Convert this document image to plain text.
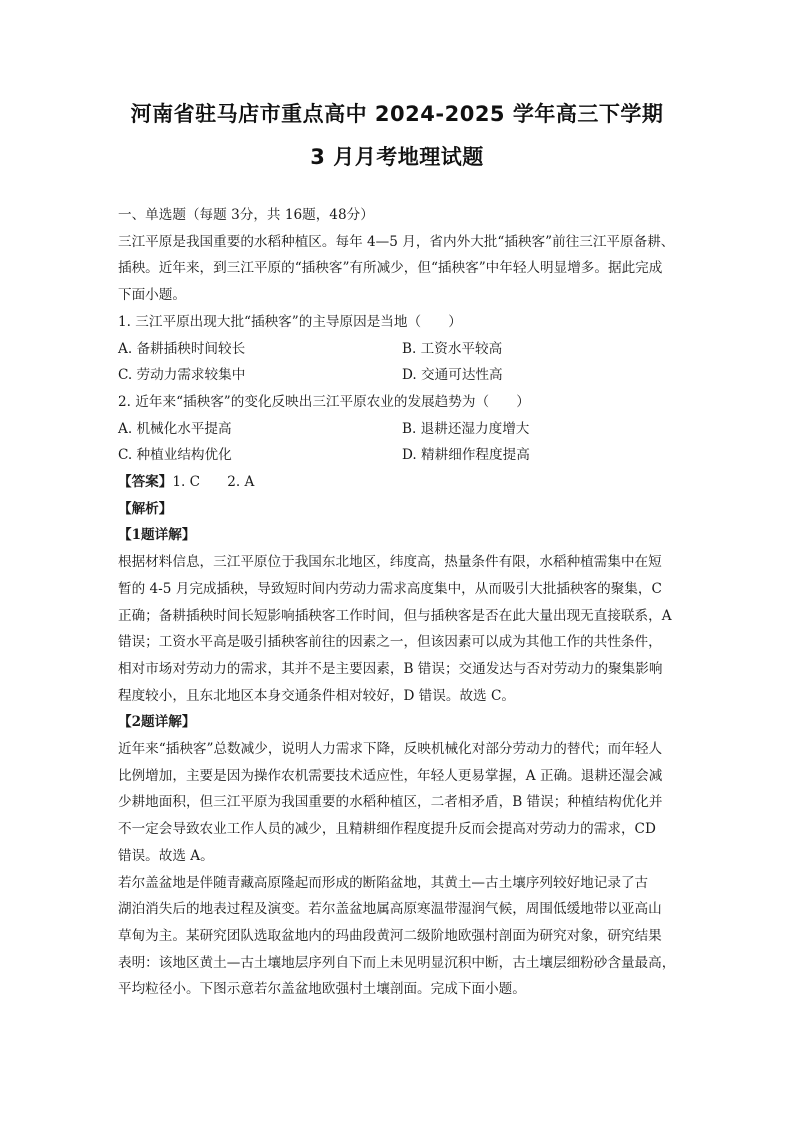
河南省驻马店市重点高中 2024-2025 学年高三下学期
3 月月考地理试题

一、单选题（每题 3分，共 16题，48分）

三江平原是我国重要的水稻种植区。每年 4—5 月，省内外大批“插秧客”前往三江平原备耕、

插秧。近年来，到三江平原的“插秧客”有所减少，但“插秧客”中年轻人明显增多。据此完成

下面小题。

1. 三江平原出现大批“插秧客”的主导原因是当地（　　）

A. 备耕插秧时间较长	B. 工资水平较高
C. 劳动力需求较集中	D. 交通可达性高

2. 近年来“插秧客”的变化反映出三江平原农业的发展趋势为（　　）

A. 机械化水平提高	B. 退耕还湿力度增大
C. 种植业结构优化	D. 精耕细作程度提高

【答案】1. C　　2. A

【解析】

【1题详解】

根据材料信息，三江平原位于我国东北地区，纬度高，热量条件有限，水稻种植需集中在短

暂的 4-5 月完成插秧，导致短时间内劳动力需求高度集中，从而吸引大批插秧客的聚集，C

正确；备耕插秧时间长短影响插秧客工作时间，但与插秧客是否在此大量出现无直接联系，A

错误；工资水平高是吸引插秧客前往的因素之一，但该因素可以成为其他工作的共性条件，

相对市场对劳动力的需求，其并不是主要因素，B 错误；交通发达与否对劳动力的聚集影响

程度较小，且东北地区本身交通条件相对较好，D 错误。故选 C。

【2题详解】

近年来“插秧客”总数减少，说明人力需求下降，反映机械化对部分劳动力的替代；而年轻人

比例增加，主要是因为操作农机需要技术适应性，年轻人更易掌握，A 正确。退耕还湿会减

少耕地面积，但三江平原为我国重要的水稻种植区，二者相矛盾，B 错误；种植结构优化并

不一定会导致农业工作人员的减少，且精耕细作程度提升反而会提高对劳动力的需求，CD

错误。故选 A。

若尔盖盆地是伴随青藏高原隆起而形成的断陷盆地，其黄土—古土壤序列较好地记录了古

湖泊消失后的地表过程及演变。若尔盖盆地属高原寒温带湿润气候，周围低缓地带以亚高山

草甸为主。某研究团队选取盆地内的玛曲段黄河二级阶地欧强村剖面为研究对象，研究结果

表明：该地区黄土—古土壤地层序列自下而上未见明显沉积中断，古土壤层细粉砂含量最高，

平均粒径小。下图示意若尔盖盆地欧强村土壤剖面。完成下面小题。
